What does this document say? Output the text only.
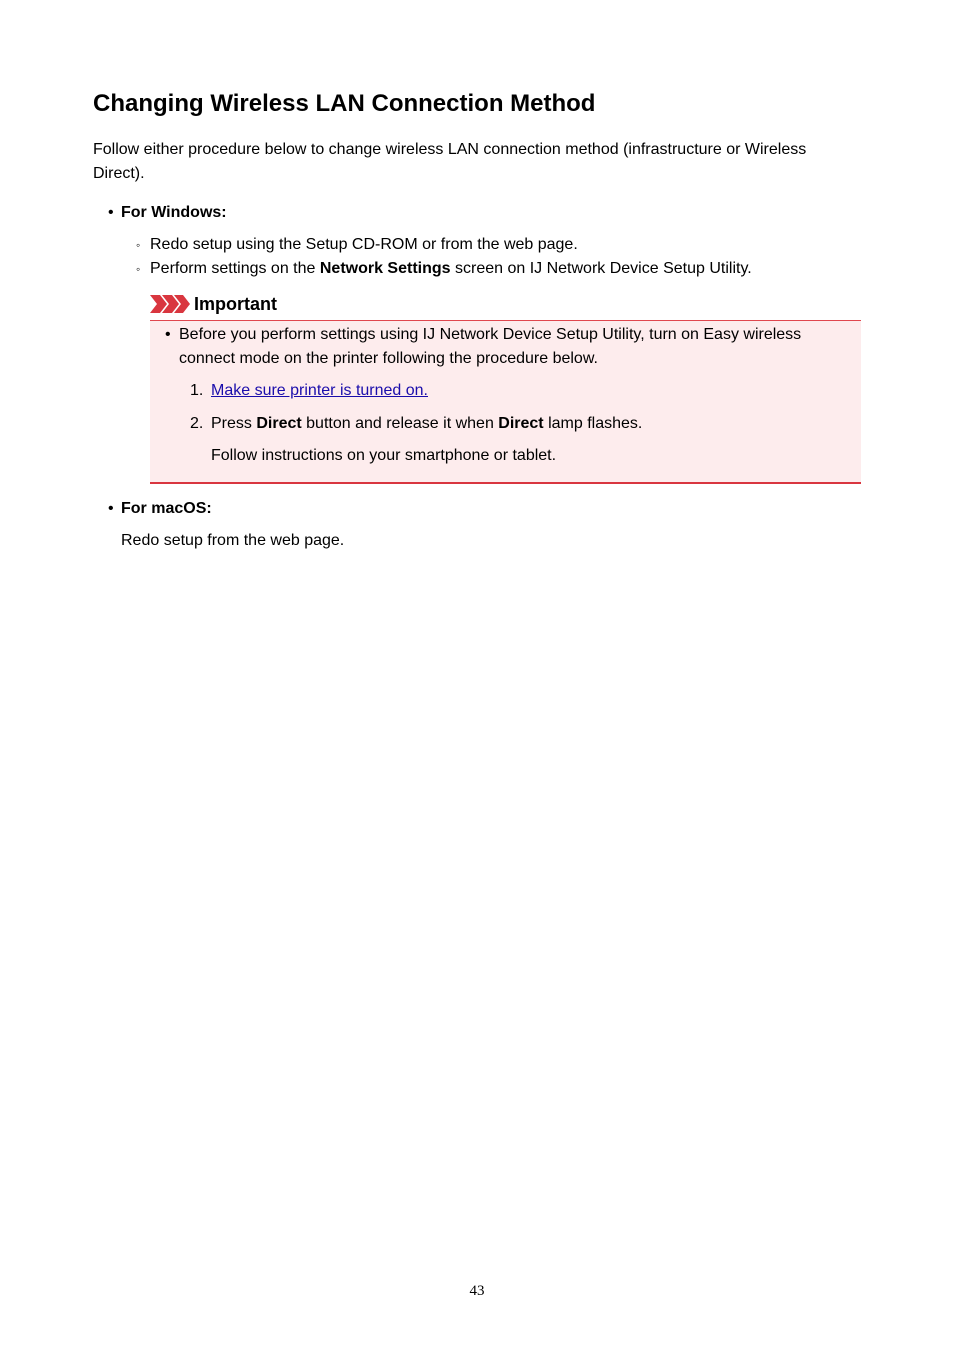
Changing Wireless LAN Connection Method

Follow either procedure below to change wireless LAN connection method (infrastructure or Wireless Direct).

• For Windows:
◦ Redo setup using the Setup CD-ROM or from the web page.
◦ Perform settings on the Network Settings screen on IJ Network Device Setup Utility.
Important
• Before you perform settings using IJ Network Device Setup Utility, turn on Easy wireless
connect mode on the printer following the procedure below.
1. Make sure printer is turned on.
2. Press Direct button and release it when Direct lamp flashes.
Follow instructions on your smartphone or tablet.
• For macOS:
Redo setup from the web page.
43
